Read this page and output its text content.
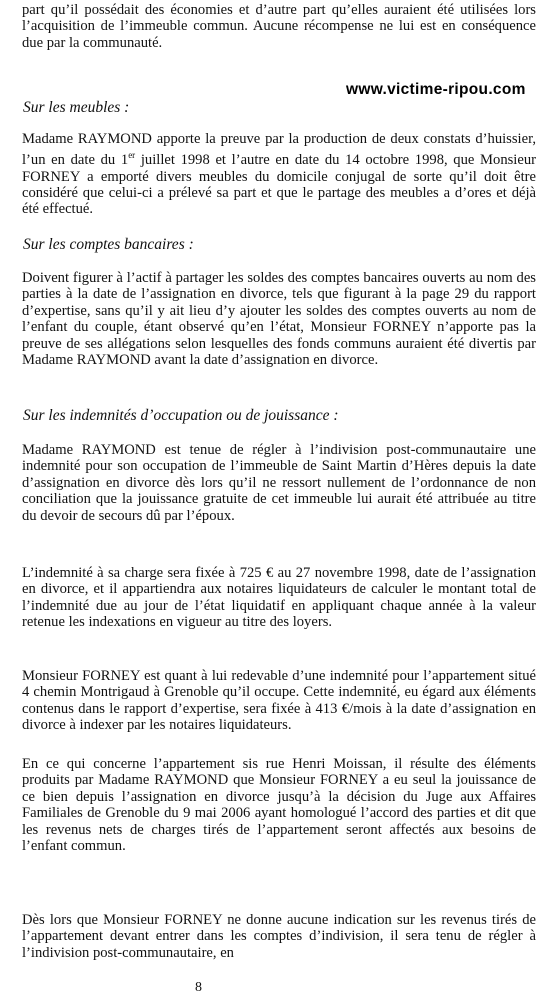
part qu’il possédait des économies et d’autre part qu’elles auraient été utilisées lors l’acquisition de l’immeuble commun. Aucune récompense ne lui est en conséquence due par la communauté.

www.victime-ripou.com

Sur les meubles :

Madame RAYMOND apporte la preuve par la production de deux constats d’huissier, l’un en date du 1er juillet 1998 et l’autre en date du 14 octobre 1998, que Monsieur FORNEY a emporté divers meubles du domicile conjugal de sorte qu’il doit être considéré que celui-ci a prélevé sa part et que le partage des meubles a d’ores et déjà été effectué.

Sur les comptes bancaires :

Doivent figurer à l’actif à partager les soldes des comptes bancaires ouverts au nom des parties à la date de l’assignation en divorce, tels que figurant à la page 29 du rapport d’expertise, sans qu’il y ait lieu d’y ajouter les soldes des comptes ouverts au nom de l’enfant du couple, étant observé qu’en l’état, Monsieur FORNEY n’apporte pas la preuve de ses allégations selon lesquelles des fonds communs auraient été divertis par Madame RAYMOND avant la date d’assignation en divorce.

Sur les indemnités d’occupation ou de jouissance :

Madame RAYMOND est tenue de régler à l’indivision post-communautaire une indemnité pour son occupation de l’immeuble de Saint Martin d’Hères depuis la date d’assignation en divorce dès lors qu’il ne ressort nullement de l’ordonnance de non conciliation que la jouissance gratuite de cet immeuble lui aurait été attribuée au titre du devoir de secours dû par l’époux.

L’indemnité à sa charge sera fixée à 725 € au 27 novembre 1998, date de l’assignation en divorce, et il appartiendra aux notaires liquidateurs de calculer le montant total de l’indemnité due au jour de l’état liquidatif en appliquant chaque année à la valeur retenue les indexations en vigueur au titre des loyers.

Monsieur FORNEY est quant à lui redevable d’une indemnité pour l’appartement situé 4 chemin Montrigaud à Grenoble qu’il occupe. Cette indemnité, eu égard aux éléments contenus dans le rapport d’expertise, sera fixée à 413 €/mois à la date d’assignation en divorce à indexer par les notaires liquidateurs.

En ce qui concerne l’appartement sis rue Henri Moissan, il résulte des éléments produits par Madame RAYMOND que Monsieur FORNEY a eu seul la jouissance de ce bien depuis l’assignation en divorce jusqu’à la décision du Juge aux Affaires Familiales de Grenoble du 9 mai 2006 ayant homologué l’accord des parties et dit que les revenus nets de charges tirés de l’appartement seront affectés aux besoins de l’enfant commun.

Dès lors que Monsieur FORNEY ne donne aucune indication sur les revenus tirés de l’appartement devant entrer dans les comptes d’indivision, il sera tenu de régler à l’indivision post-communautaire, en

8
